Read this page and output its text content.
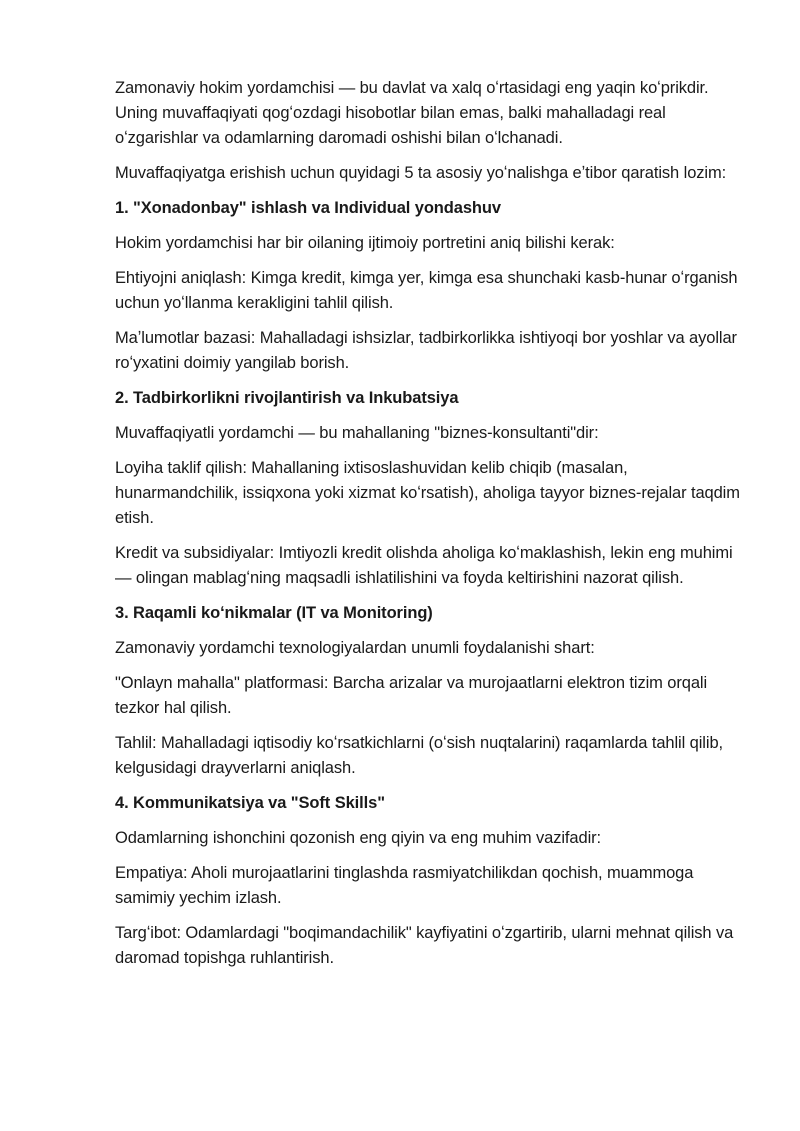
Zamonaviy hokim yordamchisi — bu davlat va xalq oʻrtasidagi eng yaqin koʻprikdir. Uning muvaffaqiyati qogʻozdagi hisobotlar bilan emas, balki mahalladagi real oʻzgarishlar va odamlarning daromadi oshishi bilan oʻlchanadi.

Muvaffaqiyatga erishish uchun quyidagi 5 ta asosiy yoʻnalishga eʼtibor qaratish lozim:

1. "Xonadonbay" ishlash va Individual yondashuv

Hokim yordamchisi har bir oilaning ijtimoiy portretini aniq bilishi kerak:

Ehtiyojni aniqlash: Kimga kredit, kimga yer, kimga esa shunchaki kasb-hunar oʻrganish uchun yoʻllanma kerakligini tahlil qilish.

Maʼlumotlar bazasi: Mahalladagi ishsizlar, tadbirkorlikka ishtiyoqi bor yoshlar va ayollar roʻyxatini doimiy yangilab borish.

2. Tadbirkorlikni rivojlantirish va Inkubatsiya

Muvaffaqiyatli yordamchi — bu mahallaning "biznes-konsultanti"dir:

Loyiha taklif qilish: Mahallaning ixtisoslashuvidan kelib chiqib (masalan, hunarmandchilik, issiqxona yoki xizmat koʻrsatish), aholiga tayyor biznes-rejalar taqdim etish.

Kredit va subsidiyalar: Imtiyozli kredit olishda aholiga koʻmaklashish, lekin eng muhimi — olingan mablagʻning maqsadli ishlatilishini va foyda keltirishini nazorat qilish.

3. Raqamli koʻnikmalar (IT va Monitoring)

Zamonaviy yordamchi texnologiyalardan unumli foydalanishi shart:

"Onlayn mahalla" platformasi: Barcha arizalar va murojaatlarni elektron tizim orqali tezkor hal qilish.

Tahlil: Mahalladagi iqtisodiy koʻrsatkichlarni (oʻsish nuqtalarini) raqamlarda tahlil qilib, kelgusidagi drayverlarni aniqlash.

4. Kommunikatsiya va "Soft Skills"

Odamlarning ishonchini qozonish eng qiyin va eng muhim vazifadir:

Empatiya: Aholi murojaatlarini tinglashda rasmiyatchilikdan qochish, muammoga samimiy yechim izlash.

Targʻibot: Odamlardagi "boqimandachilik" kayfiyatini oʻzgartirib, ularni mehnat qilish va daromad topishga ruhlantirish.
